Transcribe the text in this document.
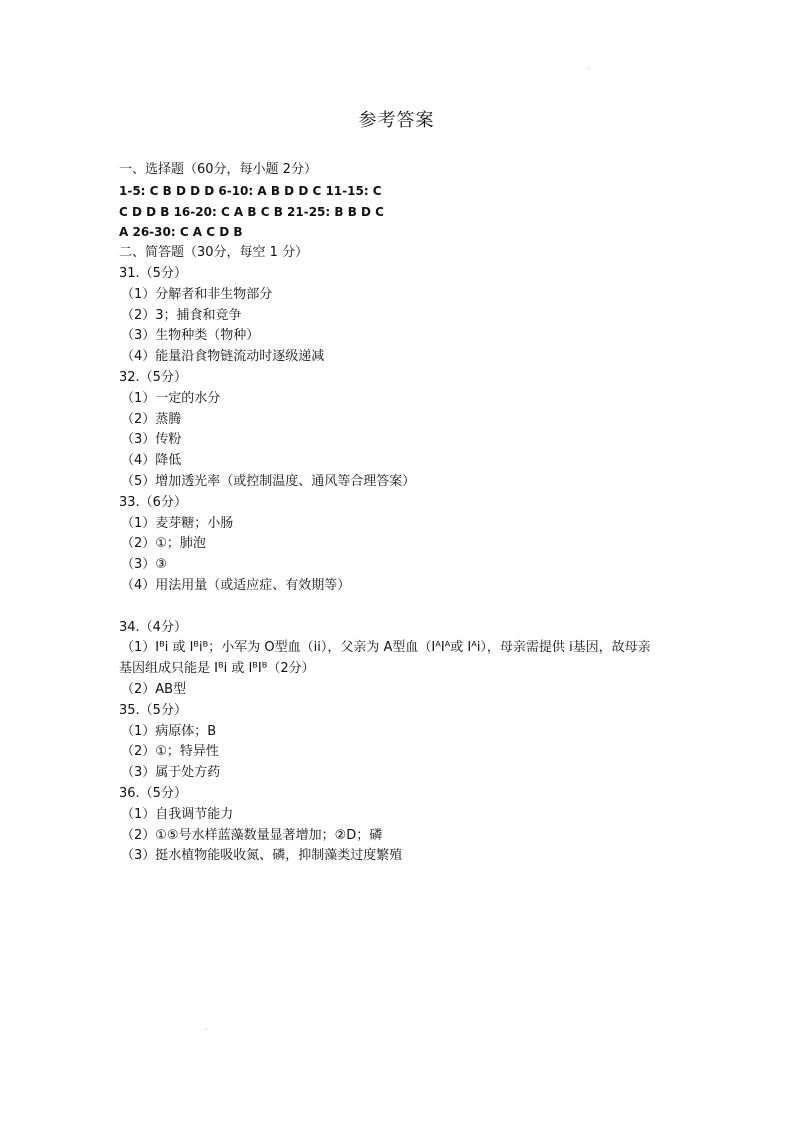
参考答案
一、选择题（60分，每小题 2分）
1-5: C B D D D 6-10: A B D D C 11-15: C
C D D B 16-20: C A B C B 21-25: B B D C
A 26-30: C A C D B
二、简答题（30分，每空 1 分）
31.（5分）
（1）分解者和非生物部分
（2）3；捕食和竞争
（3）生物种类（物种）
（4）能量沿食物链流动时逐级递减
32.（5分）
（1）一定的水分
（2）蒸腾
（3）传粉
（4）降低
（5）增加透光率（或控制温度、通风等合理答案）
33.（6分）
（1）麦芽糖；小肠
（2）①；肺泡
（3）③
（4）用法用量（或适应症、有效期等）
34.（4分）
（1）Iᴮi 或 Iᴮiᴮ；小军为 O型血（ii），父亲为 A型血（IᴬIᴬ或 Iᴬi），母亲需提供 i基因，故母亲
基因组成只能是 Iᴮi 或 IᴮIᴮ（2分）
（2）AB型
35.（5分）
（1）病原体；B
（2）①；特异性
（3）属于处方药
36.（5分）
（1）自我调节能力
（2）①⑤号水样蓝藻数量显著增加；②D；磷
（3）挺水植物能吸收氮、磷，抑制藻类过度繁殖
